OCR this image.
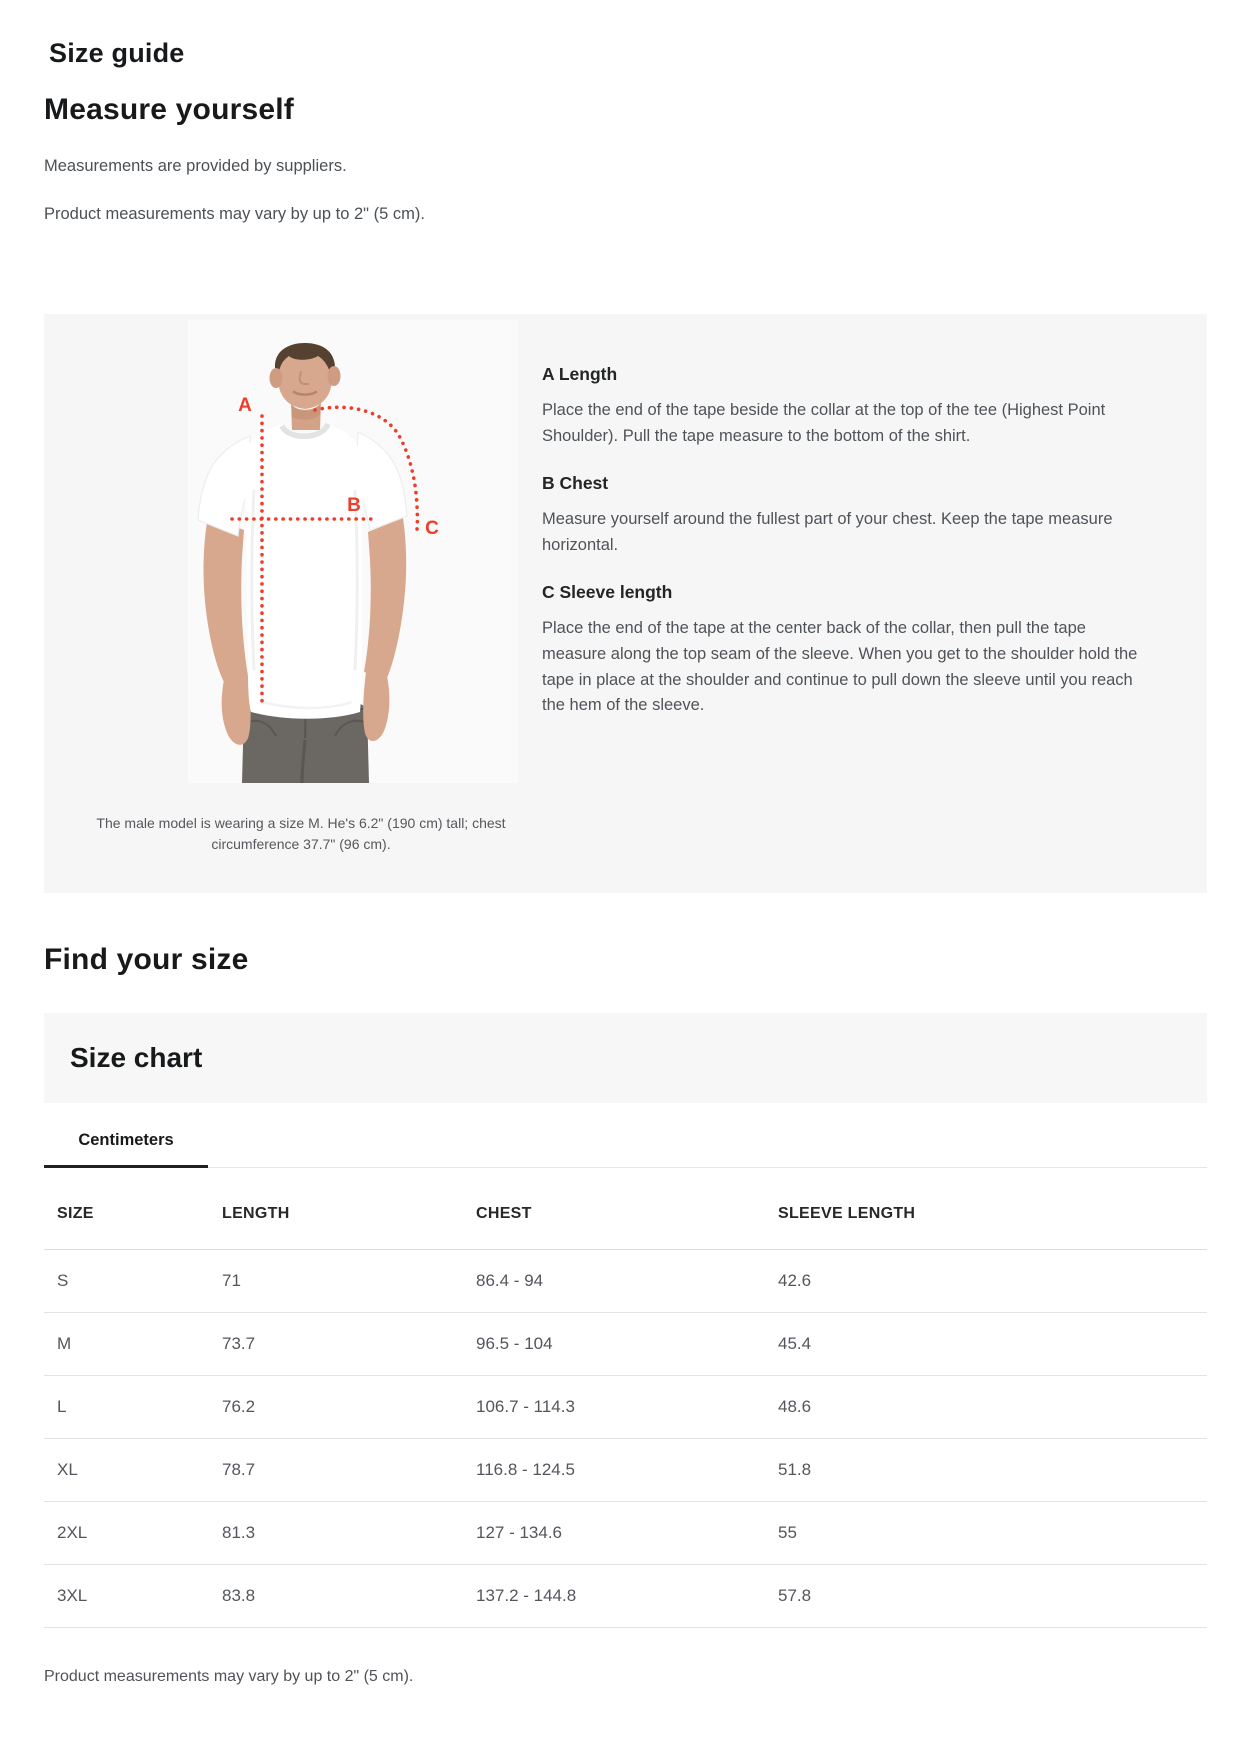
Size guide
Measure yourself

Measurements are provided by suppliers.

Product measurements may vary by up to 2" (5 cm).

A
B
C

The male model is wearing a size M. He's 6.2" (190 cm) tall; chest circumference 37.7" (96 cm).

A Length

Place the end of the tape beside the collar at the top of the tee (Highest Point Shoulder). Pull the tape measure to the bottom of the shirt.

B Chest

Measure yourself around the fullest part of your chest. Keep the tape measure horizontal.

C Sleeve length

Place the end of the tape at the center back of the collar, then pull the tape measure along the top seam of the sleeve. When you get to the shoulder hold the tape in place at the shoulder and continue to pull down the sleeve until you reach the hem of the sleeve.

Find your size
Size chart
Centimeters
SIZE	LENGTH	CHEST	SLEEVE LENGTH
S	71	86.4 - 94	42.6
M	73.7	96.5 - 104	45.4
L	76.2	106.7 - 114.3	48.6
XL	78.7	116.8 - 124.5	51.8
2XL	81.3	127 - 134.6	55
3XL	83.8	137.2 - 144.8	57.8

Product measurements may vary by up to 2" (5 cm).
